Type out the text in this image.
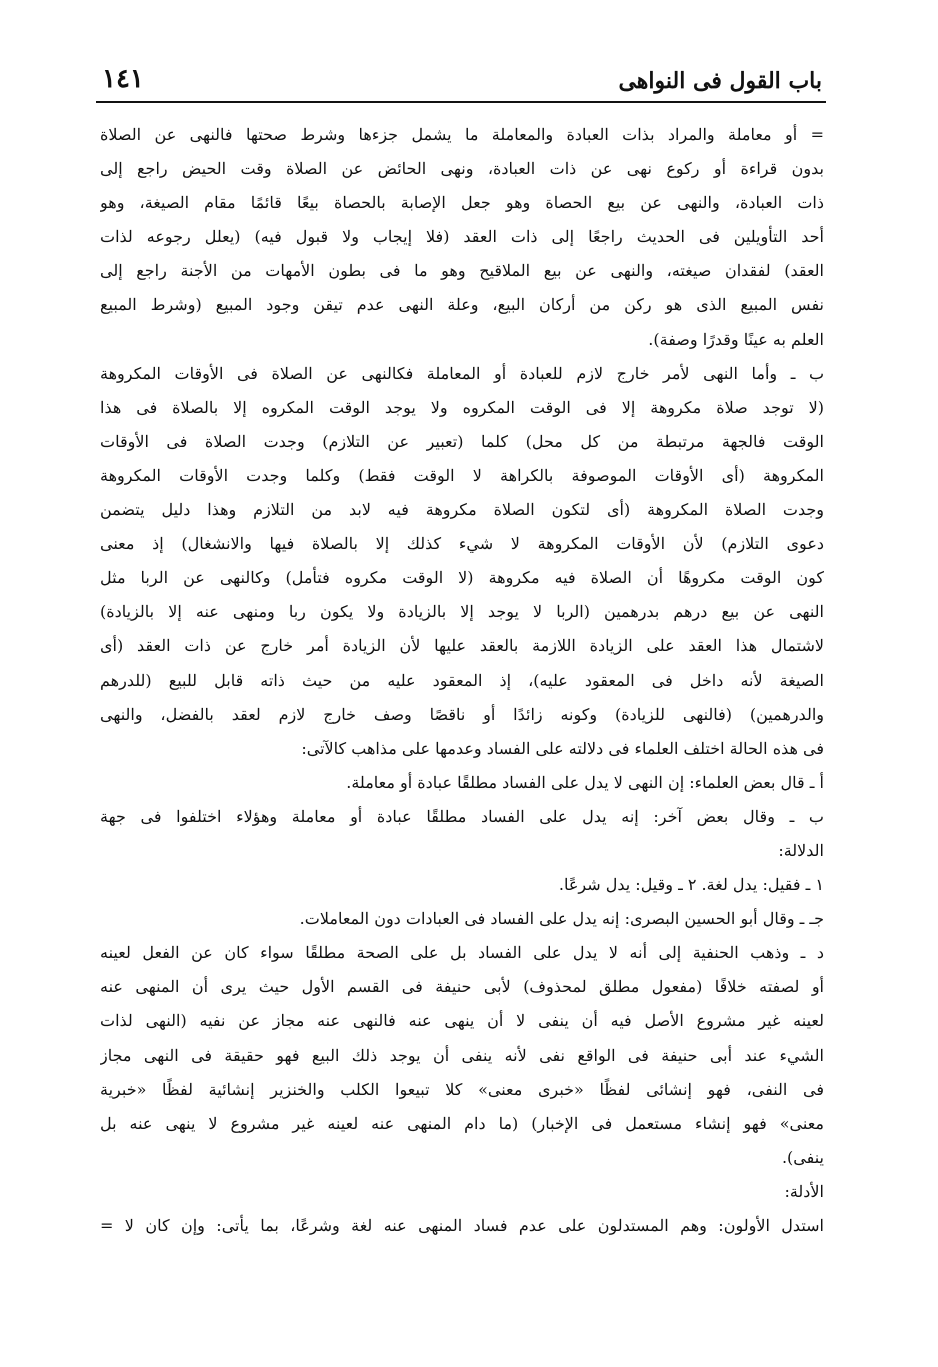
باب القول فى النواهى
١٤١
= أو معاملة والمراد بذات العبادة والمعاملة ما يشمل جزءها وشرط صحتها فالنهى عن الصلاة
بدون قراءة أو ركوع نهى عن ذات العبادة، ونهى الحائض عن الصلاة وقت الحيض راجع إلى
ذات العبادة، والنهى عن بيع الحصاة وهو جعل الإصابة بالحصاة بيعًا قائمًا مقام الصيغة، وهو
أحد التأويلين فى الحديث راجعًا إلى ذات العقد (فلا إيجاب ولا قبول فيه) (يعلل رجوعه لذات
العقد) لفقدان صيغته، والنهى عن بيع الملاقيح وهو ما فى بطون الأمهات من الأجنة راجع إلى
نفس المبيع الذى هو ركن من أركان البيع، وعلة النهى عدم تيقن وجود المبيع (وشرط المبيع
العلم به عينًا وقدرًا وصفة).
ب ـ وأما النهى لأمر خارج لازم للعبادة أو المعاملة فكالنهى عن الصلاة فى الأوقات المكروهة
(لا توجد صلاة مكروهة إلا فى الوقت المكروه ولا يوجد الوقت المكروه إلا بالصلاة فى هذا
الوقت فالجهة مرتبطة من كل محل) كلما (تعبير عن التلازم) وجدت الصلاة فى الأوقات
المكروهة (أى الأوقات الموصوفة بالكراهة لا الوقت فقط) وكلما وجدت الأوقات المكروهة
وجدت الصلاة المكروهة (أى لتكون الصلاة مكروهة فيه لابد من التلازم وهذا دليل يتضمن
دعوى التلازم) لأن الأوقات المكروهة لا شيء كذلك إلا بالصلاة فيها والانشغال) إذ معنى
كون الوقت مكروهًا أن الصلاة فيه مكروهة (لا الوقت مكروه فتأمل) وكالنهى عن الربا مثل
النهى عن بيع درهم بدرهمين (الربا لا يوجد إلا بالزيادة ولا يكون ربا ومنهى عنه إلا بالزيادة)
لاشتمال هذا العقد على الزيادة اللازمة بالعقد عليها لأن الزيادة أمر خارج عن ذات العقد (أى
الصيغة لأنه داخل فى المعقود عليه)، إذ المعقود عليه من حيث ذاته قابل للبيع (للدرهم
والدرهمين) (فالنهى للزيادة) وكونه زائدًا أو ناقصًا وصف خارج لازم لعقد بالفضل، والنهى
فى هذه الحالة اختلف العلماء فى دلالته على الفساد وعدمها على مذاهب كالآتى:
أ ـ قال بعض العلماء: إن النهى لا يدل على الفساد مطلقًا عبادة أو معاملة.
ب ـ وقال بعض آخر: إنه يدل على الفساد مطلقًا عبادة أو معاملة وهؤلاء اختلفوا فى جهة
الدلالة:
١ ـ فقيل: يدل لغة. ٢ ـ وقيل: يدل شرعًا.
جـ ـ وقال أبو الحسين البصرى: إنه يدل على الفساد فى العبادات دون المعاملات.
د ـ وذهب الحنفية إلى أنه لا يدل على الفساد بل على الصحة مطلقًا سواء كان عن الفعل لعينه
أو لصفته خلافًا (مفعول مطلق لمحذوف) لأبى حنيفة فى القسم الأول حيث يرى أن المنهى عنه
لعينه غير مشروع الأصل فيه أن ينفى لا أن ينهى عنه فالنهى عنه مجاز عن نفيه (النهى لذات
الشيء عند أبى حنيفة فى الواقع نفى لأنه ينفى أن يوجد ذلك البيع فهو حقيقة فى النهى مجاز
فى النفى، فهو إنشائى لفظًا «خبرى معنى» كلا تبيعوا الكلب والخنزير إنشائية لفظًا «خبرية
معنى» فهو إنشاء مستعمل فى الإخبار) (ما دام المنهى عنه لعينه غير مشروع لا ينهى عنه بل
ينفى).
الأدلة:
استدل الأولون: وهم المستدلون على عدم فساد المنهى عنه لغة وشرعًا، بما يأتى: وإن كان لا =
